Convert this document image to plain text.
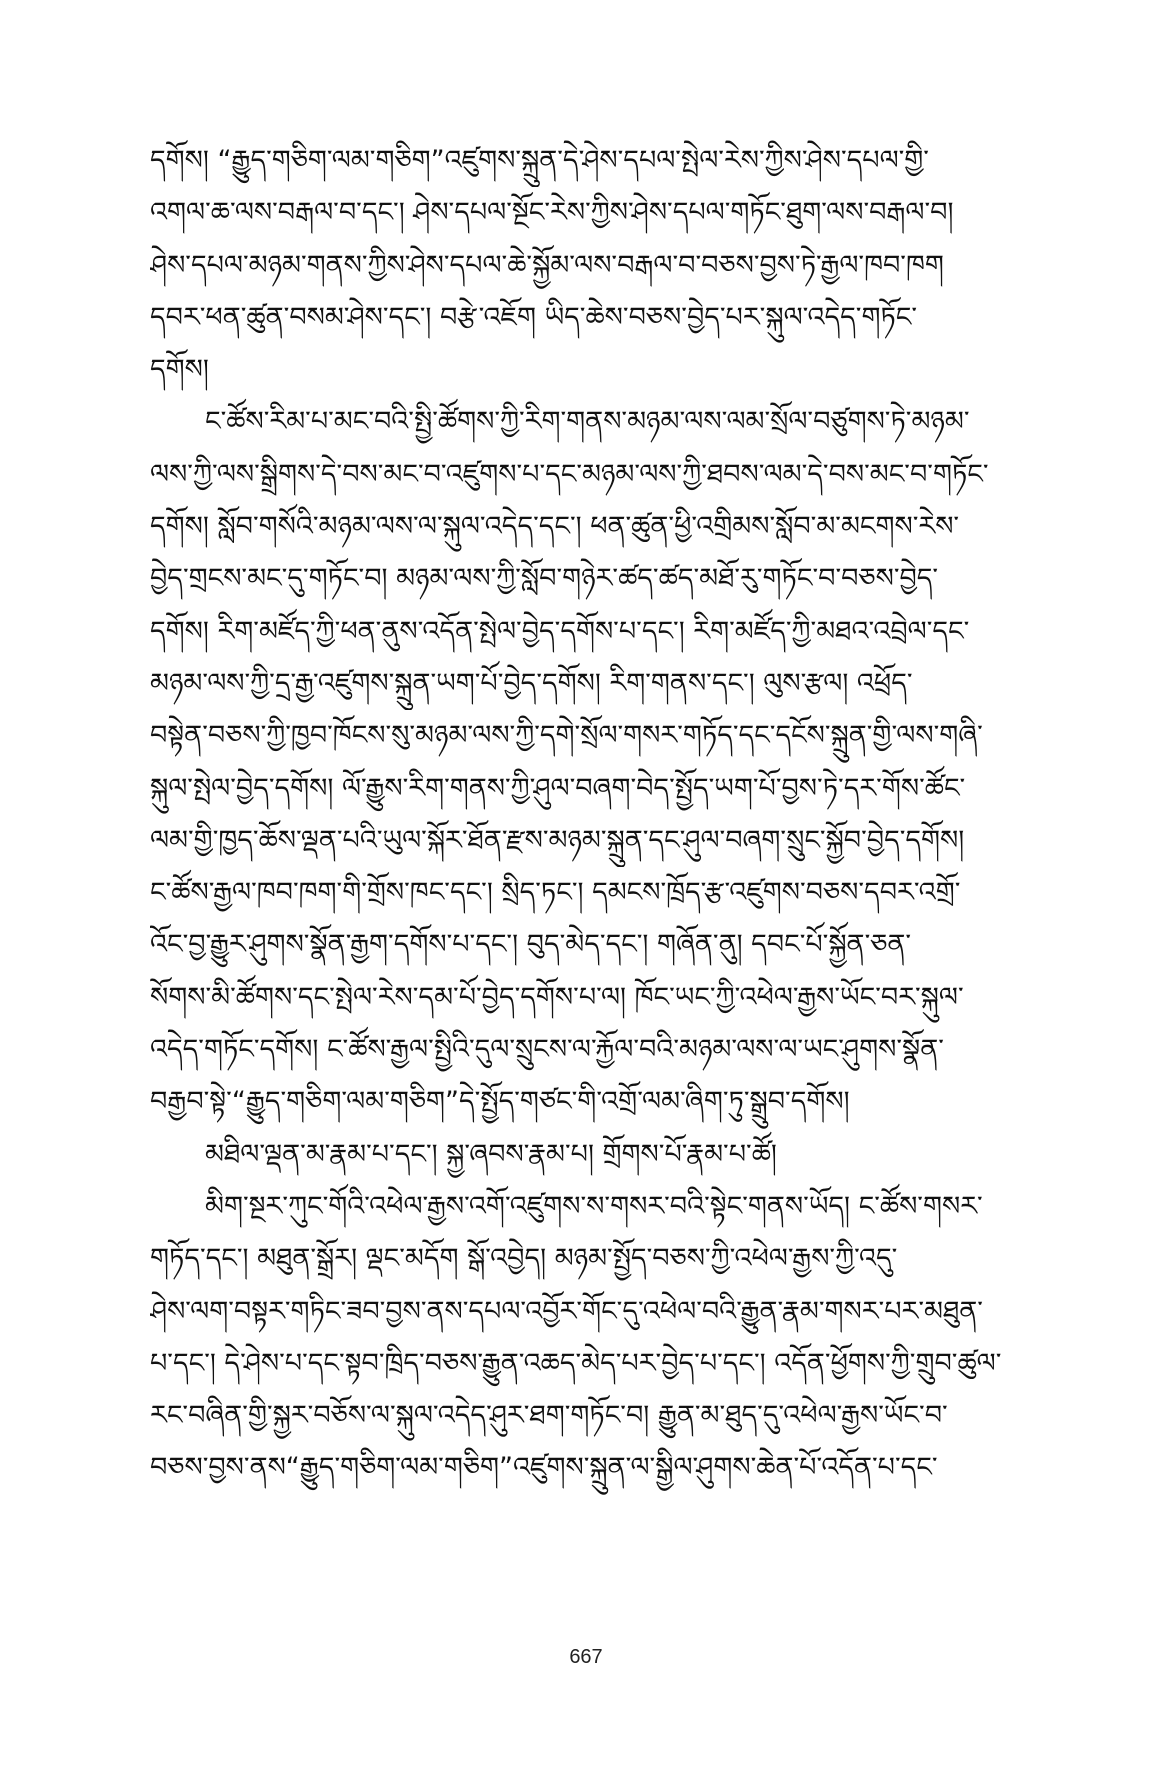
དགོས། “རྒྱུད་གཅིག་ལམ་གཅིག”འཛུགས་སྐྲུན་དེ་ཤེས་དཔལ་སྤེལ་རེས་ཀྱིས་ཤེས་དཔལ་གྱི་
འགལ་ཆ་ལས་བརྒལ་བ་དང་། ཤེས་དཔལ་སྔོང་རེས་ཀྱིས་ཤེས་དཔལ་གཏོང་ཐུག་ལས་བརྒལ་བ།
ཤེས་དཔལ་མཉམ་གནས་ཀྱིས་ཤེས་དཔལ་ཆེ་སྐྱོམ་ལས་བརྒལ་བ་བཅས་བྱས་ཏེ་རྒྱལ་ཁབ་ཁག
དབར་ཕན་ཚུན་བསམ་ཤེས་དང་། བརྩེ་འཇོག ཡིད་ཆེས་བཅས་བྱེད་པར་སྐུལ་འདེད་གཏོང་
དགོས།
ང་ཚོས་རིམ་པ་མང་བའི་སྤྱི་ཚོགས་ཀྱི་རིག་གནས་མཉམ་ལས་ལམ་སྲོལ་བཙུགས་ཏེ་མཉམ་
ལས་ཀྱི་ལས་སྒྲིགས་དེ་བས་མང་བ་འཛུགས་པ་དང་མཉམ་ལས་ཀྱི་ཐབས་ལམ་དེ་བས་མང་བ་གཏོང་
དགོས། སློབ་གསོའི་མཉམ་ལས་ལ་སྐུལ་འདེད་དང་། ཕན་ཚུན་ཕྱི་འགྲིམས་སློབ་མ་མངགས་རེས་
བྱེད་གྲངས་མང་དུ་གཏོང་བ། མཉམ་ལས་ཀྱི་སློབ་གཉེར་ཚད་ཚད་མཐོ་རུ་གཏོང་བ་བཅས་བྱེད་
དགོས། རིག་མཛོད་ཀྱི་ཕན་ནུས་འདོན་སྤེལ་བྱེད་དགོས་པ་དང་། རིག་མཛོད་ཀྱི་མཐའ་འབྲེལ་དང་
མཉམ་ལས་ཀྱི་དྲ་རྒྱ་འཛུགས་སྐྲུན་ཡག་པོ་བྱེད་དགོས། རིག་གནས་དང་། ལུས་རྩལ། འཕྲོད་
བསྟེན་བཅས་ཀྱི་ཁྱབ་ཁོངས་སུ་མཉམ་ལས་ཀྱི་དགེ་སྲོལ་གསར་གཏོད་དང་དངོས་སྐྲུན་གྱི་ལས་གཞི་
སྐུལ་སྤེལ་བྱེད་དགོས། ལོ་རྒྱུས་རིག་གནས་ཀྱི་ཤུལ་བཞག་བེད་སྤྱོད་ཡག་པོ་བྱས་ཏེ་དར་གོས་ཚོང་
ལམ་གྱི་ཁྱད་ཆོས་ལྡན་པའི་ཡུལ་སྐོར་ཐོན་རྫས་མཉམ་སྐྲུན་དང་ཤུལ་བཞག་སྲུང་སྐྱོབ་བྱེད་དགོས།
ང་ཚོས་རྒྱལ་ཁབ་ཁག་གི་གྲོས་ཁང་དང་། སྲིད་ཏང་། དམངས་ཁྲོད་རྩ་འཛུགས་བཅས་དབར་འགྲོ་
འོང་བྱ་རྒྱུར་ཤུགས་སྣོན་རྒྱག་དགོས་པ་དང་། བུད་མེད་དང་། གཞོན་ནུ། དབང་པོ་སྐྱོན་ཅན་
སོགས་མི་ཚོགས་དང་སྤེལ་རེས་དམ་པོ་བྱེད་དགོས་པ་ལ། ཁོང་ཡང་ཀྱི་འཕེལ་རྒྱས་ཡོང་བར་སྐུལ་
འདེད་གཏོང་དགོས། ང་ཚོས་རྒྱལ་སྤྱིའི་དུལ་སྲུངས་ལ་རྐྱོལ་བའི་མཉམ་ལས་ལ་ཡང་ཤུགས་སྣོན་
བརྒྱབ་སྟེ་“རྒྱུད་གཅིག་ལམ་གཅིག”དེ་སྤྱོད་གཙང་གི་འགྲོ་ལམ་ཞིག་ཏུ་སྒྲུབ་དགོས།
མཐིལ་ལྡན་མ་རྣམ་པ་དང་། སྐྱ་ཞབས་རྣམ་པ། གྲོགས་པོ་རྣམ་པ་ཚོ།
མིག་སྔར་ཀུང་གོའི་འཕེལ་རྒྱས་འགོ་འཛུགས་ས་གསར་བའི་སྟེང་གནས་ཡོད། ང་ཚོས་གསར་
གཏོད་དང་། མཐུན་སྒྲོར། ལྡང་མདོག སྒོ་འབྱེད། མཉམ་སྤྱོད་བཅས་ཀྱི་འཕེལ་རྒྱས་ཀྱི་འདུ་
ཤེས་ལག་བསྟར་གཏིང་ཟབ་བྱས་ནས་དཔལ་འབྱོར་གོང་དུ་འཕེལ་བའི་རྒྱུན་རྣམ་གསར་པར་མཐུན་
པ་དང་། དེ་ཤེས་པ་དང་སྟབ་ཁྲིད་བཅས་རྒྱུན་འཆད་མེད་པར་བྱེད་པ་དང་། འདོན་ཕྱོགས་ཀྱི་གྲུབ་ཚུལ་
རང་བཞིན་གྱི་སྐྱར་བཅོས་ལ་སྐུལ་འདེད་ཤུར་ཐག་གཏོང་བ། རྒྱུན་མ་ཐུད་དུ་འཕེལ་རྒྱས་ཡོང་བ་
བཅས་བྱས་ནས“རྒྱུད་གཅིག་ལམ་གཅིག”འཛུགས་སྐྲུན་ལ་སྒྱིལ་ཤུགས་ཆེན་པོ་འདོན་པ་དང་
667
